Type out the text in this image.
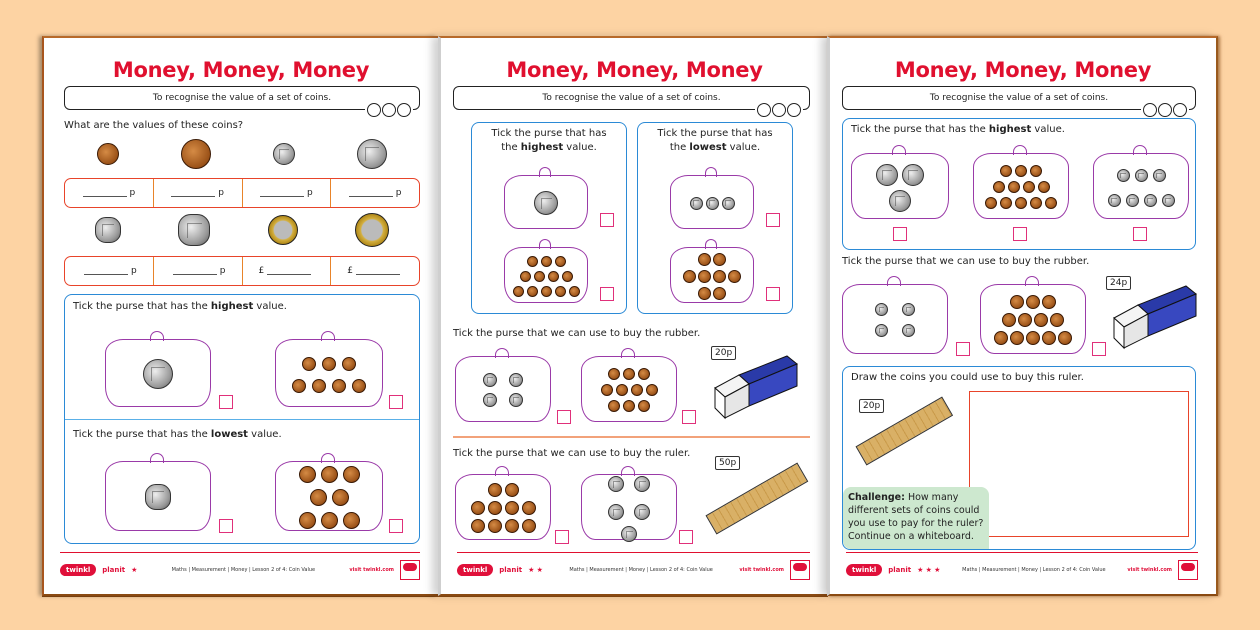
Money, Money, Money
To recognise the value of a set of coins.
What are the values of these coins?
p	p	p	p
p	p	£	£
Tick the purse that has the highest value.
Tick the purse that has the lowest value.
twinkl	planit ★	Maths | Measurement | Money | Lesson 2 of 4: Coin Value	visit twinkl.com
Money, Money, Money
To recognise the value of a set of coins.
Tick the purse that has
the highest value.
Tick the purse that has
the lowest value.
Tick the purse that we can use to buy the rubber.
20p
Tick the purse that we can use to buy the ruler.
50p
twinkl	planit ★ ★	Maths | Measurement | Money | Lesson 2 of 4: Coin Value	visit twinkl.com
Money, Money, Money
To recognise the value of a set of coins.
Tick the purse that has the highest value.
Tick the purse that we can use to buy the rubber.
24p
Draw the coins you could use to buy this ruler.
20p
Challenge: How many different sets of coins could you use to pay for the ruler? Continue on a whiteboard.
twinkl	planit ★ ★ ★	Maths | Measurement | Money | Lesson 2 of 4: Coin Value	visit twinkl.com
